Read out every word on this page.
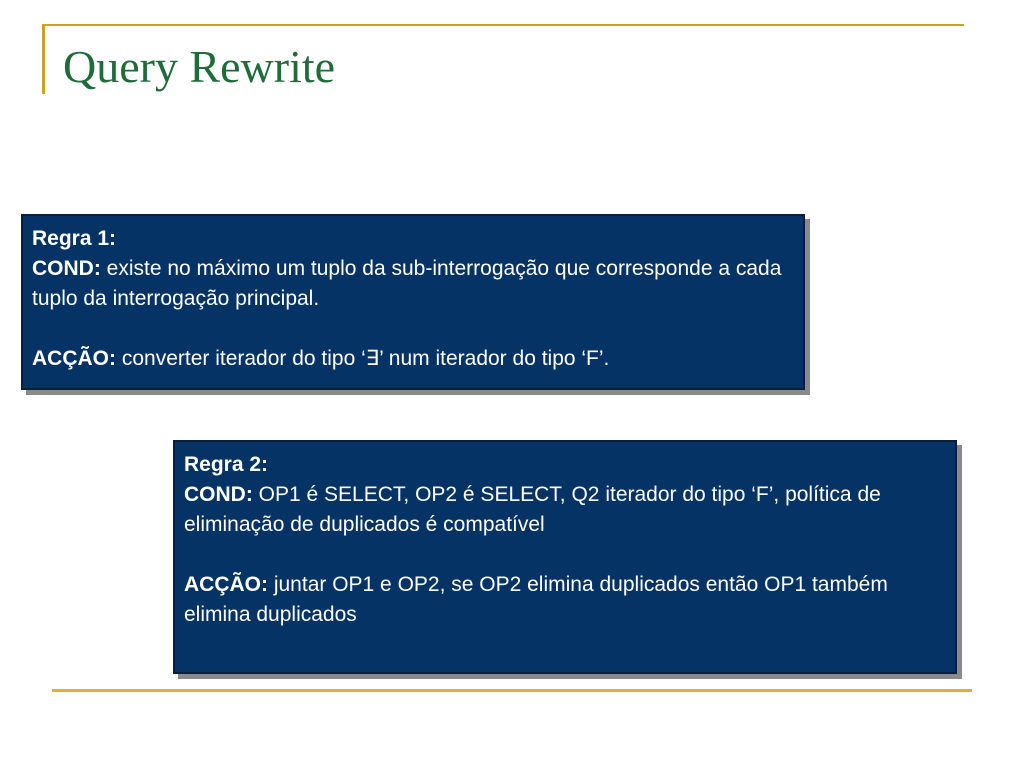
Query Rewrite

Regra 1:

COND: existe no máximo um tuplo da sub-interrogação que corresponde a cada tuplo da interrogação principal.

ACÇÃO: converter iterador do tipo ‘∃’ num iterador do tipo ‘F’.

Regra 2:

COND: OP1 é SELECT, OP2 é SELECT, Q2 iterador do tipo ‘F’, política de eliminação de duplicados é compatível

ACÇÃO: juntar OP1 e OP2, se OP2 elimina duplicados então OP1 também elimina duplicados
